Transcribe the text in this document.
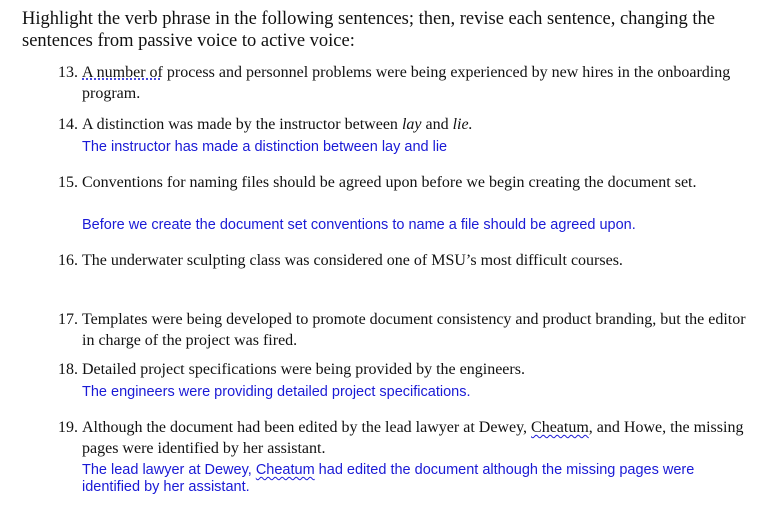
Highlight the verb phrase in the following sentences; then, revise each sentence, changing the sentences from passive voice to active voice:
13. A number of process and personnel problems were being experienced by new hires in the onboarding program.
14. A distinction was made by the instructor between lay and lie.
The instructor has made a distinction between lay and lie
15. Conventions for naming files should be agreed upon before we begin creating the document set.
Before we create the document set conventions to name a file should be agreed upon.
16. The underwater sculpting class was considered one of MSU’s most difficult courses.
17. Templates were being developed to promote document consistency and product branding, but the editor in charge of the project was fired.
18. Detailed project specifications were being provided by the engineers.
The engineers were providing detailed project specifications.
19. Although the document had been edited by the lead lawyer at Dewey, Cheatum, and Howe, the missing pages were identified by her assistant.
The lead lawyer at Dewey, Cheatum had edited the document although the missing pages were identified by her assistant.
